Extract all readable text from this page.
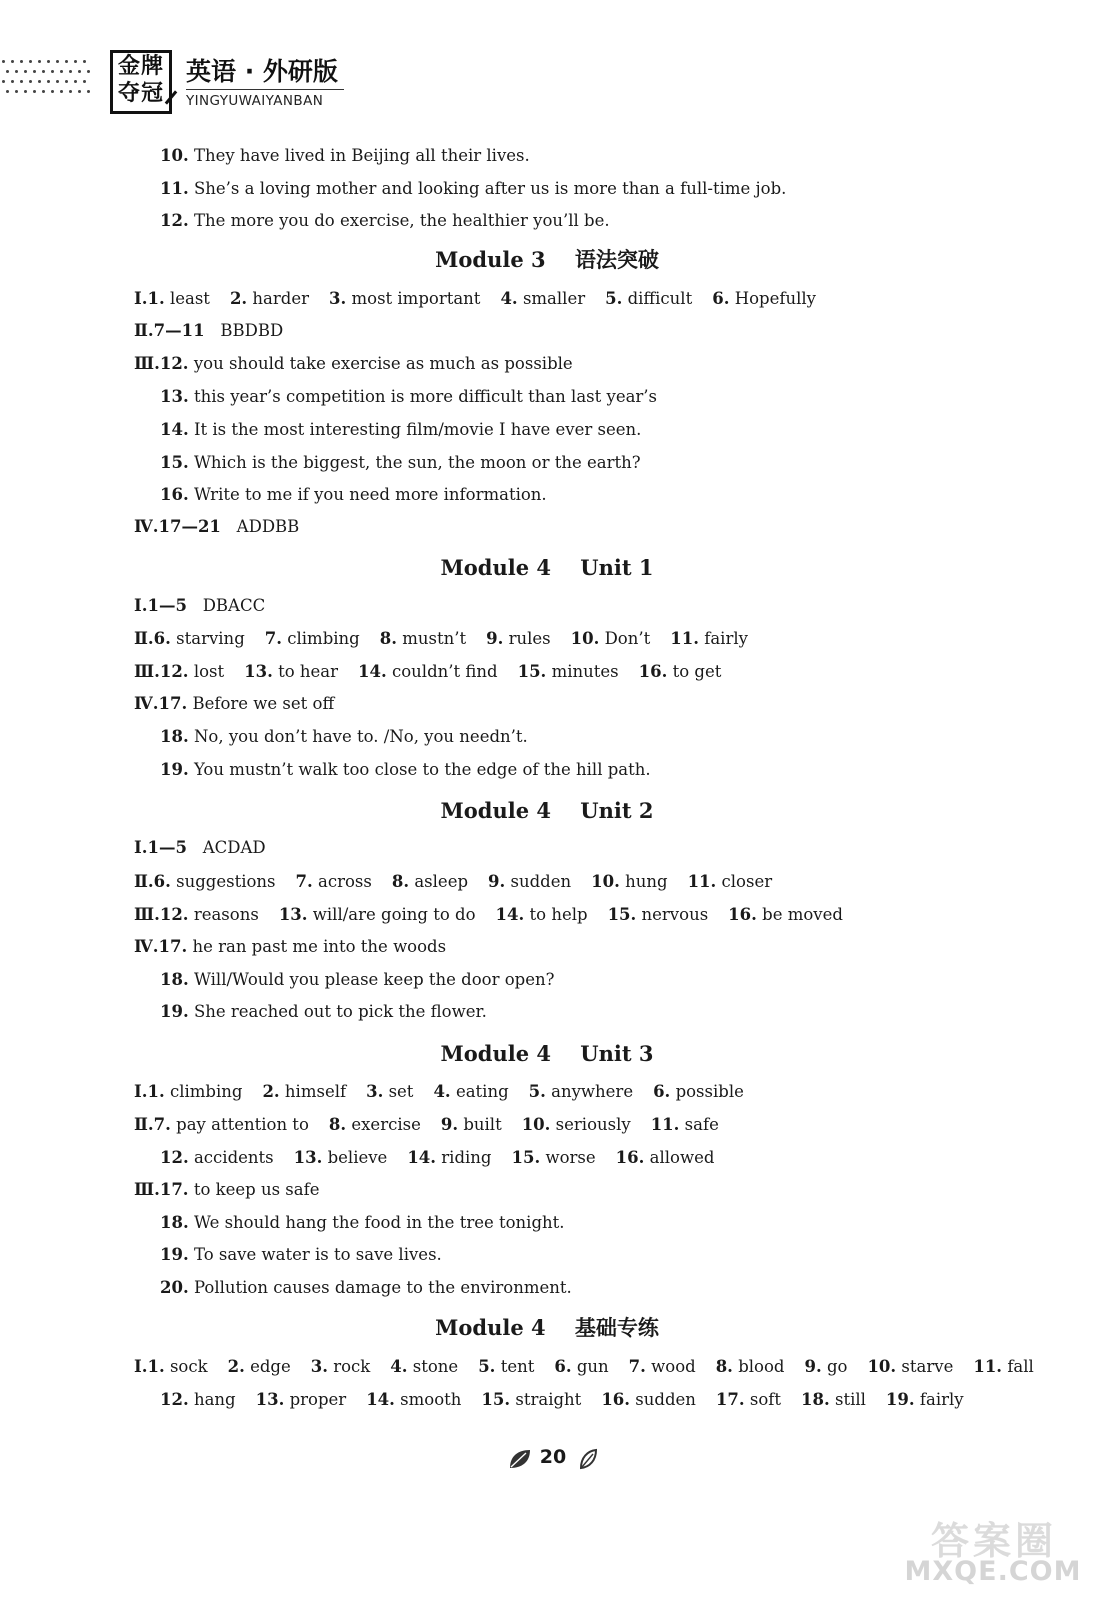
金牌
夺冠
英语 · 外研版
YINGYUWAIYANBAN
10. They have lived in Beijing all their lives.
11. She’s a loving mother and looking after us is more than a full-time job.
12. The more you do exercise, the healthier you’ll be.
Module 3    语法突破
Ⅰ.1. least 2. harder 3. most important 4. smaller 5. difficult 6. Hopefully
Ⅱ.7—11 BBDBD
Ⅲ.12. you should take exercise as much as possible
13. this year’s competition is more difficult than last year’s
14. It is the most interesting film/movie I have ever seen.
15. Which is the biggest, the sun, the moon or the earth?
16. Write to me if you need more information.
Ⅳ.17—21 ADDBB
Module 4    Unit 1
Ⅰ.1—5 DBACC
Ⅱ.6. starving 7. climbing 8. mustn’t 9. rules 10. Don’t 11. fairly
Ⅲ.12. lost 13. to hear 14. couldn’t find 15. minutes 16. to get
Ⅳ.17. Before we set off
18. No, you don’t have to. /No, you needn’t.
19. You mustn’t walk too close to the edge of the hill path.
Module 4    Unit 2
Ⅰ.1—5 ACDAD
Ⅱ.6. suggestions 7. across 8. asleep 9. sudden 10. hung 11. closer
Ⅲ.12. reasons 13. will/are going to do 14. to help 15. nervous 16. be moved
Ⅳ.17. he ran past me into the woods
18. Will/Would you please keep the door open?
19. She reached out to pick the flower.
Module 4    Unit 3
Ⅰ.1. climbing 2. himself 3. set 4. eating 5. anywhere 6. possible
Ⅱ.7. pay attention to 8. exercise 9. built 10. seriously 11. safe
12. accidents 13. believe 14. riding 15. worse 16. allowed
Ⅲ.17. to keep us safe
18. We should hang the food in the tree tonight.
19. To save water is to save lives.
20. Pollution causes damage to the environment.
Module 4    基础专练
Ⅰ.1. sock 2. edge 3. rock 4. stone 5. tent 6. gun 7. wood 8. blood 9. go 10. starve 11. fall
12. hang 13. proper 14. smooth 15. straight 16. sudden 17. soft 18. still 19. fairly
20
答案圈
MXQE.COM
